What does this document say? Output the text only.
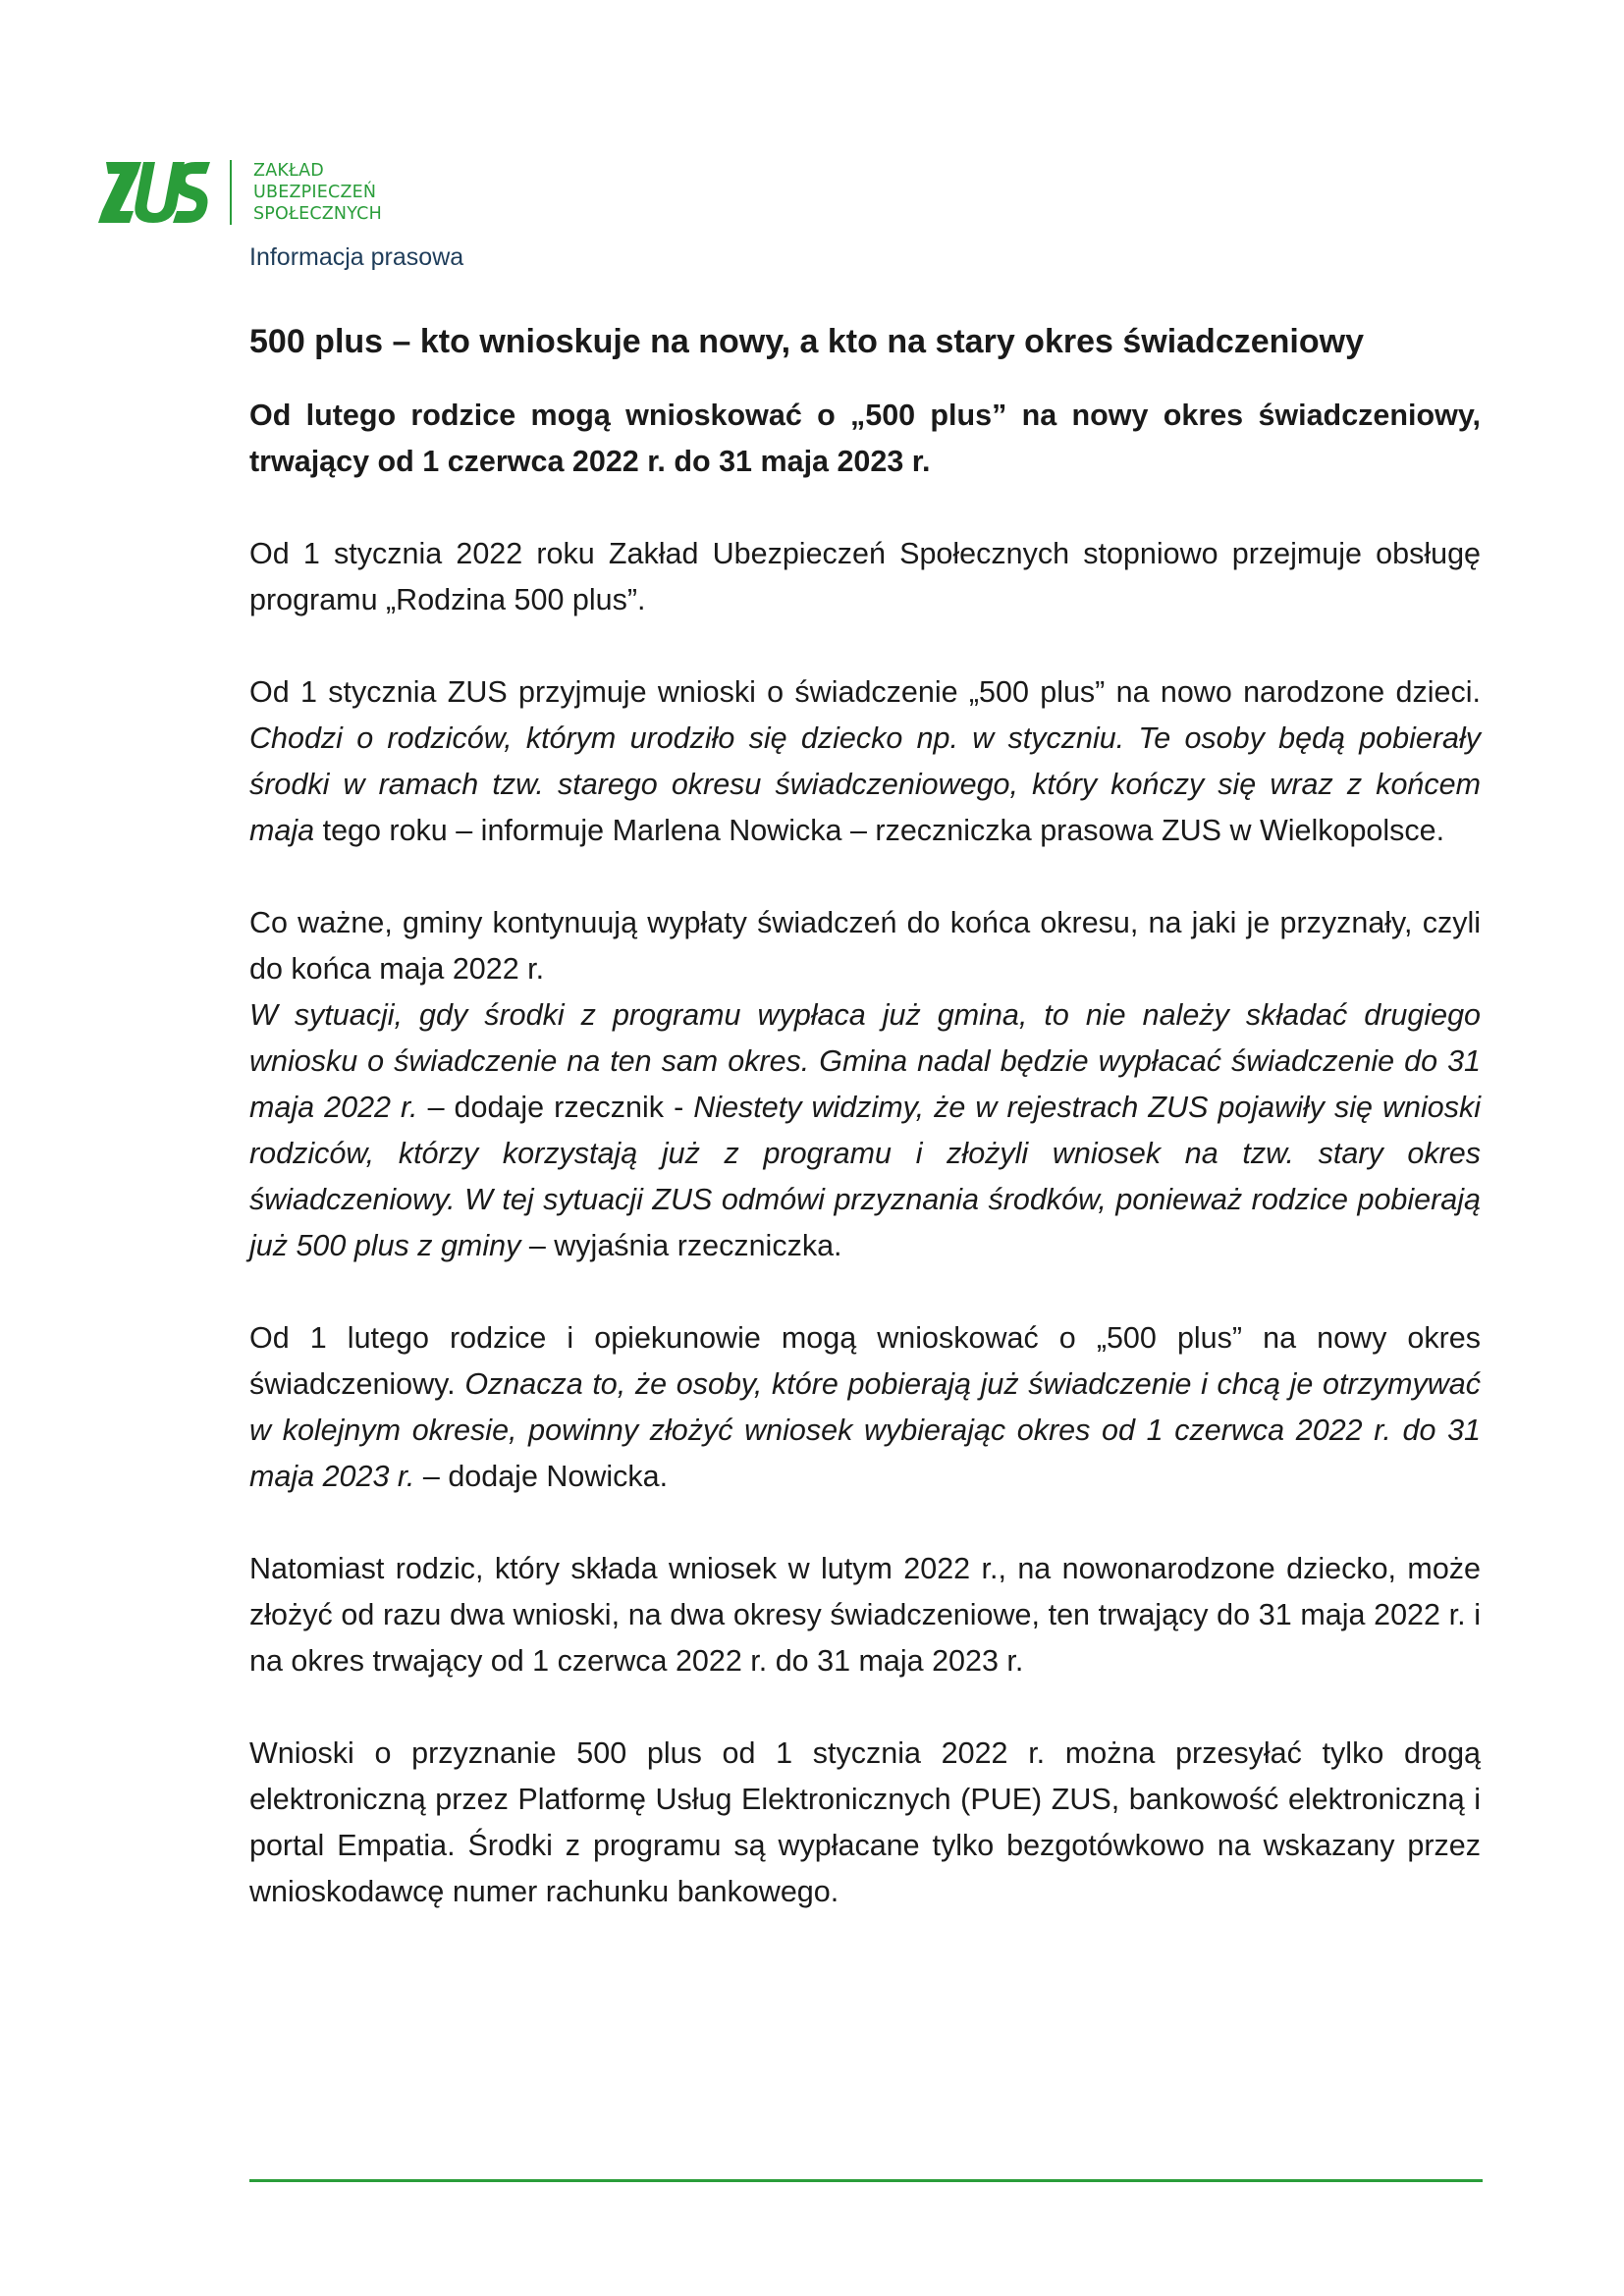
ZAKŁAD
UBEZPIECZEŃ
SPOŁECZNYCH
Informacja prasowa
500 plus – kto wnioskuje na nowy, a kto na stary okres świadczeniowy

Od lutego rodzice mogą wnioskować o „500 plus” na nowy okres świadczeniowy, trwający od 1 czerwca 2022 r. do 31 maja 2023 r.

Od 1 stycznia 2022 roku Zakład Ubezpieczeń Społecznych stopniowo przejmuje obsługę programu „Rodzina 500 plus”.

Od 1 stycznia ZUS przyjmuje wnioski o świadczenie „500 plus” na nowo narodzone dzieci. Chodzi o rodziców, którym urodziło się dziecko np. w styczniu. Te osoby będą pobierały środki w ramach tzw. starego okresu świadczeniowego, który kończy się wraz z końcem maja tego roku – informuje Marlena Nowicka – rzeczniczka prasowa ZUS w Wielkopolsce.

Co ważne, gminy kontynuują wypłaty świadczeń do końca okresu, na jaki je przyznały, czyli do końca maja 2022 r.

W sytuacji, gdy środki z programu wypłaca już gmina, to nie należy składać drugiego wniosku o świadczenie na ten sam okres. Gmina nadal będzie wypłacać świadczenie do 31 maja 2022 r. – dodaje rzecznik - Niestety widzimy, że w rejestrach ZUS pojawiły się wnioski rodziców, którzy korzystają już z programu i złożyli wniosek na tzw. stary okres świadczeniowy. W tej sytuacji ZUS odmówi przyznania środków, ponieważ rodzice pobierają już 500 plus z gminy – wyjaśnia rzeczniczka.

Od 1 lutego rodzice i opiekunowie mogą wnioskować o „500 plus” na nowy okres świadczeniowy. Oznacza to, że osoby, które pobierają już świadczenie i chcą je otrzymywać w kolejnym okresie, powinny złożyć wniosek wybierając okres od 1 czerwca 2022 r. do 31 maja 2023 r. – dodaje Nowicka.

Natomiast rodzic, który składa wniosek w lutym 2022 r., na nowonarodzone dziecko, może złożyć od razu dwa wnioski, na dwa okresy świadczeniowe, ten trwający do 31 maja 2022 r. i na okres trwający od 1 czerwca 2022 r. do 31 maja 2023 r.

Wnioski o przyznanie 500 plus od 1 stycznia 2022 r. można przesyłać tylko drogą elektroniczną przez Platformę Usług Elektronicznych (PUE) ZUS, bankowość elektroniczną i portal Empatia. Środki z programu są wypłacane tylko bezgotówkowo na wskazany przez wnioskodawcę numer rachunku bankowego.
